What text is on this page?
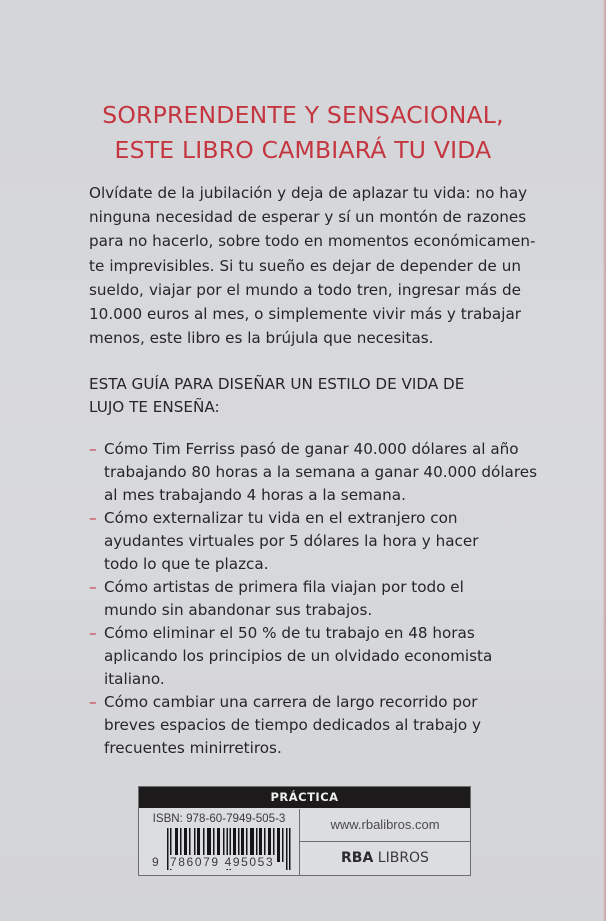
SORPRENDENTE Y SENSACIONAL,
ESTE LIBRO CAMBIARÁ TU VIDA
Olvídate de la jubilación y deja de aplazar tu vida: no hay
ninguna necesidad de esperar y sí un montón de razones
para no hacerlo, sobre todo en momentos económicamen-
te imprevisibles. Si tu sueño es dejar de depender de un
sueldo, viajar por el mundo a todo tren, ingresar más de
10.000 euros al mes, o simplemente vivir más y trabajar
menos, este libro es la brújula que necesitas.
ESTA GUÍA PARA DISEÑAR UN ESTILO DE VIDA DE
LUJO TE ENSEÑA:
– Cómo Tim Ferriss pasó de ganar 40.000 dólares al año
trabajando 80 horas a la semana a ganar 40.000 dólares
al mes trabajando 4 horas a la semana.
– Cómo externalizar tu vida en el extranjero con
ayudantes virtuales por 5 dólares la hora y hacer
todo lo que te plazca.
– Cómo artistas de primera fila viajan por todo el
mundo sin abandonar sus trabajos.
– Cómo eliminar el 50 % de tu trabajo en 48 horas
aplicando los principios de un olvidado economista
italiano.
– Cómo cambiar una carrera de largo recorrido por
breves espacios de tiempo dedicados al trabajo y
frecuentes minirretiros.
PRÁCTICA
ISBN: 978-60-7949-505-3
9 786079 495053
www.rbalibros.com
RBA LIBROS
